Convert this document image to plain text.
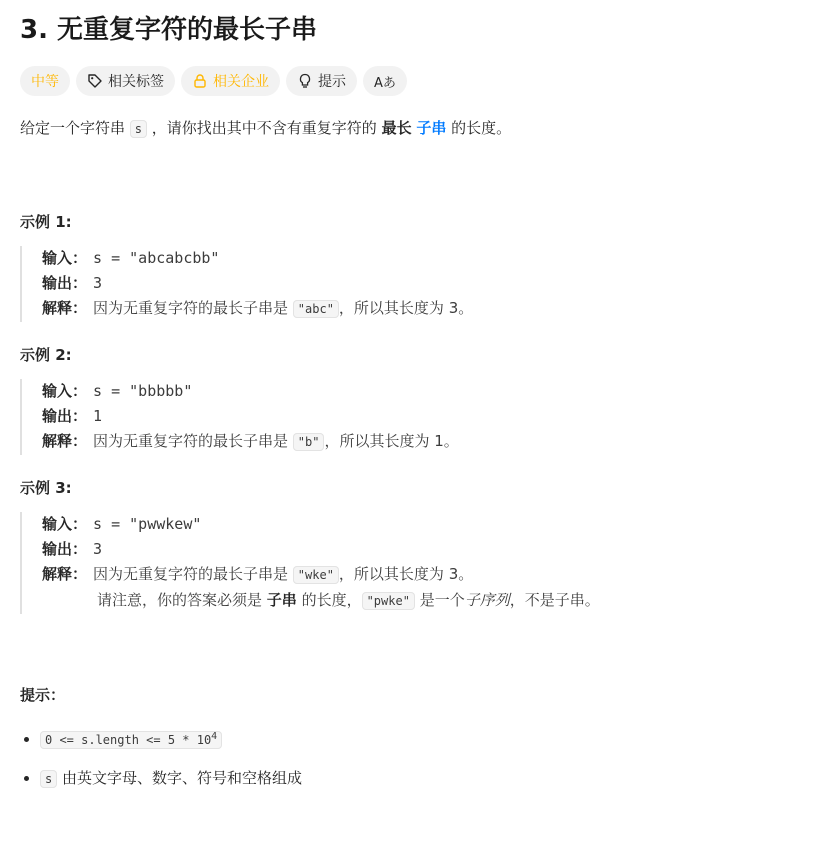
3. 无重复字符的最长子串
中等	相关标签	相关企业	提示 Aあ
给定一个字符串 s ，请你找出其中不含有重复字符的 最长 子串 的长度。

示例 1:

输入： s = "abcabcbb"
输出： 3
解释： 因为无重复字符的最长子串是 "abc" ，所以其长度为 3。

示例 2:

输入： s = "bbbbb"
输出： 1
解释： 因为无重复字符的最长子串是 "b" ，所以其长度为 1。

示例 3:

输入： s = "pwwkew"
输出： 3
解释： 因为无重复字符的最长子串是 "wke" ，所以其长度为 3。
请注意，你的答案必须是 子串 的长度， "pwke" 是一个子序列，不是子串。

提示：

• 0 <= s.length <= $5 * 10^4$
• s 由英文字母、数字、符号和空格组成
